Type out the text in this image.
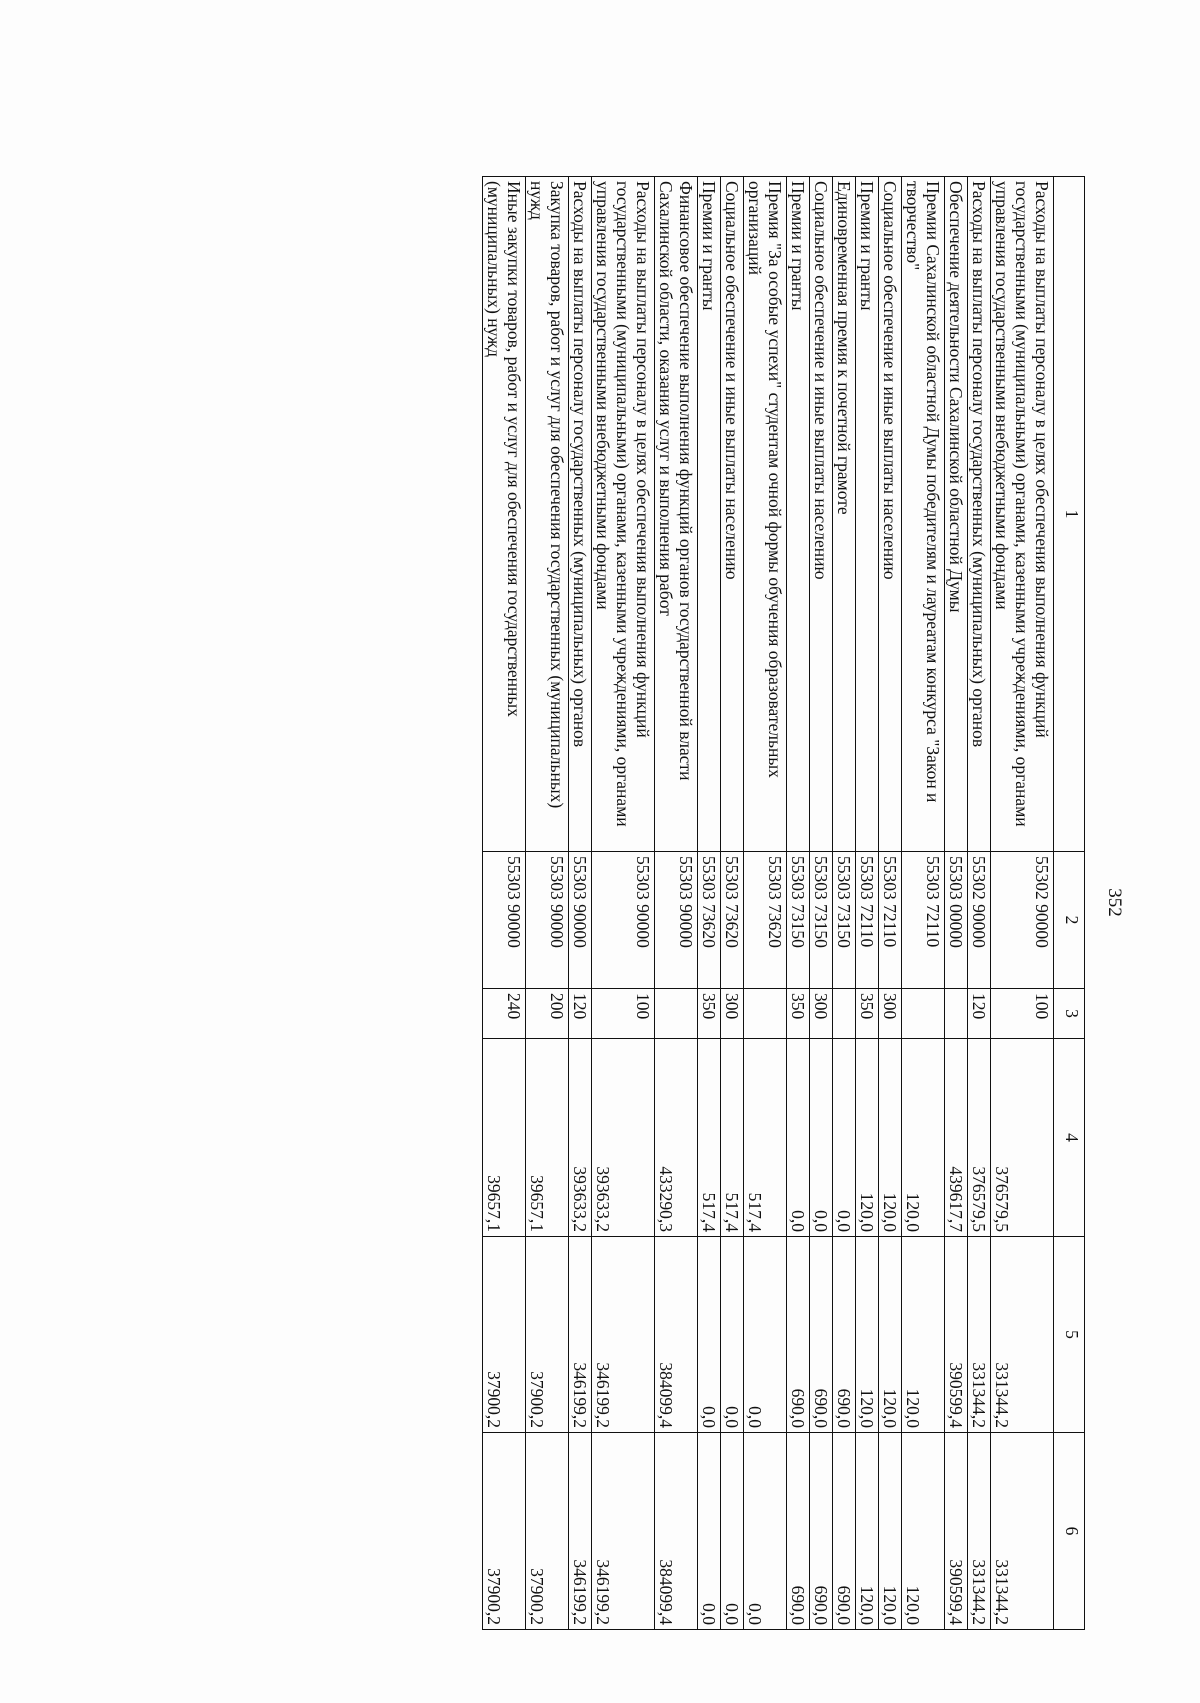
352
1	2	3	4	5	6
Расходы на выплаты персоналу в целях обеспечения выполнения функций государственными (муниципальными) органами, казенными учреждениями, органами управления государственными внебюджетными фондами	55302 90000	100	376579,5	331344,2	331344,2
Расходы на выплаты персоналу государственных (муниципальных) органов	55302 90000	120	376579,5	331344,2	331344,2
Обеспечение деятельности Сахалинской областной Думы	55303 00000		439617,7	390599,4	390599,4
Премии Сахалинской областной Думы победителям и лауреатам конкурса "Закон и творчество"	55303 72110		120,0	120,0	120,0
Социальное обеспечение и иные выплаты населению	55303 72110	300	120,0	120,0	120,0
Премии и гранты	55303 72110	350	120,0	120,0	120,0
Единовременная премия к почетной грамоте	55303 73150		0,0	690,0	690,0
Социальное обеспечение и иные выплаты населению	55303 73150	300	0,0	690,0	690,0
Премии и гранты	55303 73150	350	0,0	690,0	690,0
Премия "За особые успехи" студентам очной формы обучения образовательных организаций	55303 73620		517,4	0,0	0,0
Социальное обеспечение и иные выплаты населению	55303 73620	300	517,4	0,0	0,0
Премии и гранты	55303 73620	350	517,4	0,0	0,0
Финансовое обеспечение выполнения функций органов государственной власти Сахалинской области, оказания услуг и выполнения работ	55303 90000		433290,3	384099,4	384099,4
Расходы на выплаты персоналу в целях обеспечения выполнения функций государственными (муниципальными) органами, казенными учреждениями, органами управления государственными внебюджетными фондами	55303 90000	100	393633,2	346199,2	346199,2
Расходы на выплаты персоналу государственных (муниципальных) органов	55303 90000	120	393633,2	346199,2	346199,2
Закупка товаров, работ и услуг для обеспечения государственных (муниципальных) нужд	55303 90000	200	39657,1	37900,2	37900,2
Иные закупки товаров, работ и услуг для обеспечения государственных (муниципальных) нужд	55303 90000	240	39657,1	37900,2	37900,2
